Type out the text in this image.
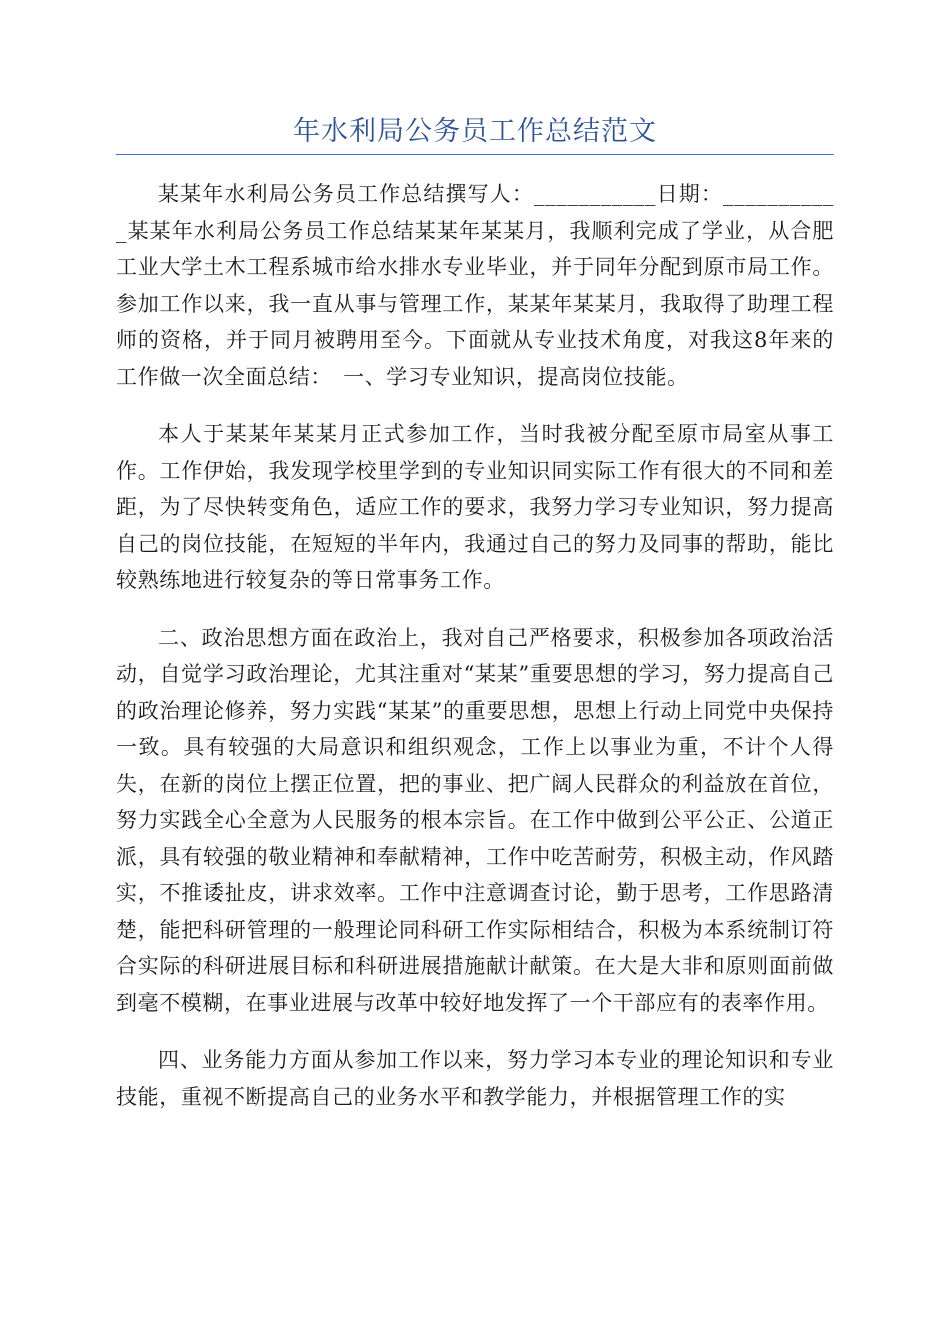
年水利局公务员工作总结范文

某某年水利局公务员工作总结撰写人：___________日期：___________某某年水利局公务员工作总结某某年某某月，我顺利完成了学业，从合肥工业大学土木工程系城市给水排水专业毕业，并于同年分配到原市局工作。参加工作以来，我一直从事与管理工作，某某年某某月，我取得了助理工程师的资格，并于同月被聘用至今。下面就从专业技术角度，对我这8年来的工作做一次全面总结：　一、学习专业知识，提高岗位技能。

本人于某某年某某月正式参加工作，当时我被分配至原市局室从事工作。工作伊始，我发现学校里学到的专业知识同实际工作有很大的不同和差距，为了尽快转变角色，适应工作的要求，我努力学习专业知识，努力提高自己的岗位技能，在短短的半年内，我通过自己的努力及同事的帮助，能比较熟练地进行较复杂的等日常事务工作。

二、政治思想方面在政治上，我对自己严格要求，积极参加各项政治活动，自觉学习政治理论，尤其注重对“某某”重要思想的学习，努力提高自己的政治理论修养，努力实践“某某”的重要思想，思想上行动上同党中央保持一致。具有较强的大局意识和组织观念，工作上以事业为重，不计个人得失，在新的岗位上摆正位置，把的事业、把广阔人民群众的利益放在首位，努力实践全心全意为人民服务的根本宗旨。在工作中做到公平公正、公道正派，具有较强的敬业精神和奉献精神，工作中吃苦耐劳，积极主动，作风踏实，不推诿扯皮，讲求效率。工作中注意调查讨论，勤于思考，工作思路清楚，能把科研管理的一般理论同科研工作实际相结合，积极为本系统制订符合实际的科研进展目标和科研进展措施献计献策。在大是大非和原则面前做到毫不模糊，在事业进展与改革中较好地发挥了一个干部应有的表率作用。

四、业务能力方面从参加工作以来，努力学习本专业的理论知识和专业技能，重视不断提高自己的业务水平和教学能力，并根据管理工作的实
